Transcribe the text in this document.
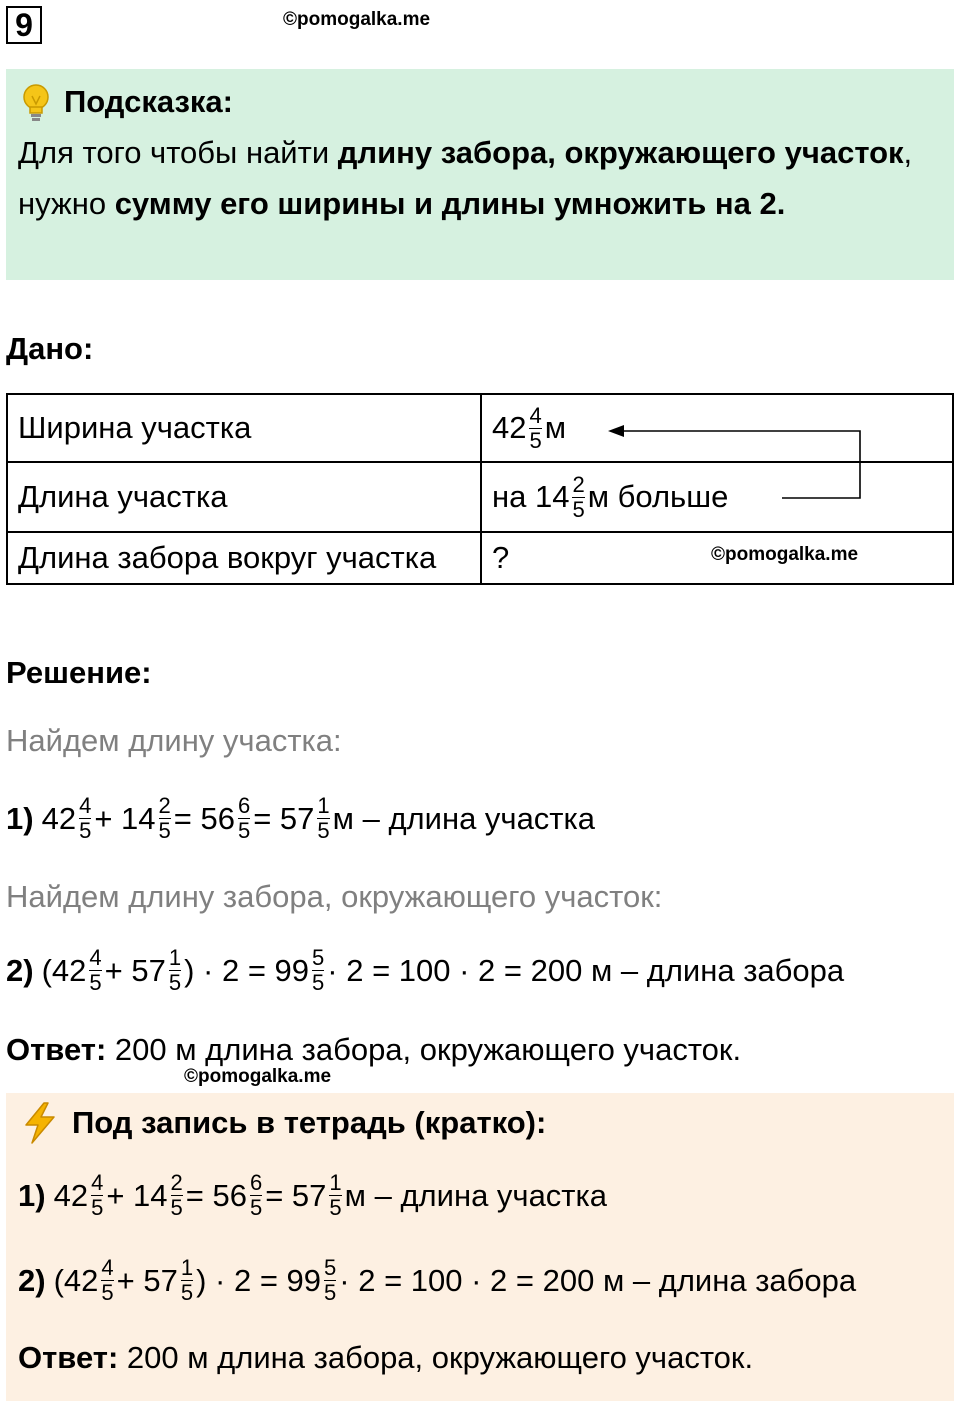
9	©pomogalka.me
Подсказка:
Для того чтобы найти длину забора, окружающего участок, нужно сумму его ширины и длины умножить на 2.
Дано:
Ширина участка	$42 \frac{4}{5}$ м

Длина участка	на $14 \frac{2}{5}$ м больше

Длина забора вокруг участка	?	©pomogalka.me
Решение:
Найдем длину участка:
1) $42 \frac{4}{5} + 14 \frac{2}{5} = 56 \frac{6}{5} = 57 \frac{1}{5}$ м – длина участка
Найдем длину забора, окружающего участок:
2) ($42 \frac{4}{5} + 57 \frac{1}{5}$ ) · $2 = 99 \frac{5}{5} \cdot 2 = 100 \cdot 2 = 200$ м – длина забора
Ответ: 200 м длина забора, окружающего участок.
©pomogalka.me
Под запись в тетрадь (кратко):
1) $42 \frac{4}{5} + 14 \frac{2}{5} = 56 \frac{6}{5} = 57 \frac{1}{5}$ м – длина участка
2) ($42 \frac{4}{5} + 57 \frac{1}{5}$ ) · $2 = 99 \frac{5}{5} \cdot 2 = 100 \cdot 2 = 200$ м – длина забора
Ответ: 200 м длина забора, окружающего участок.
